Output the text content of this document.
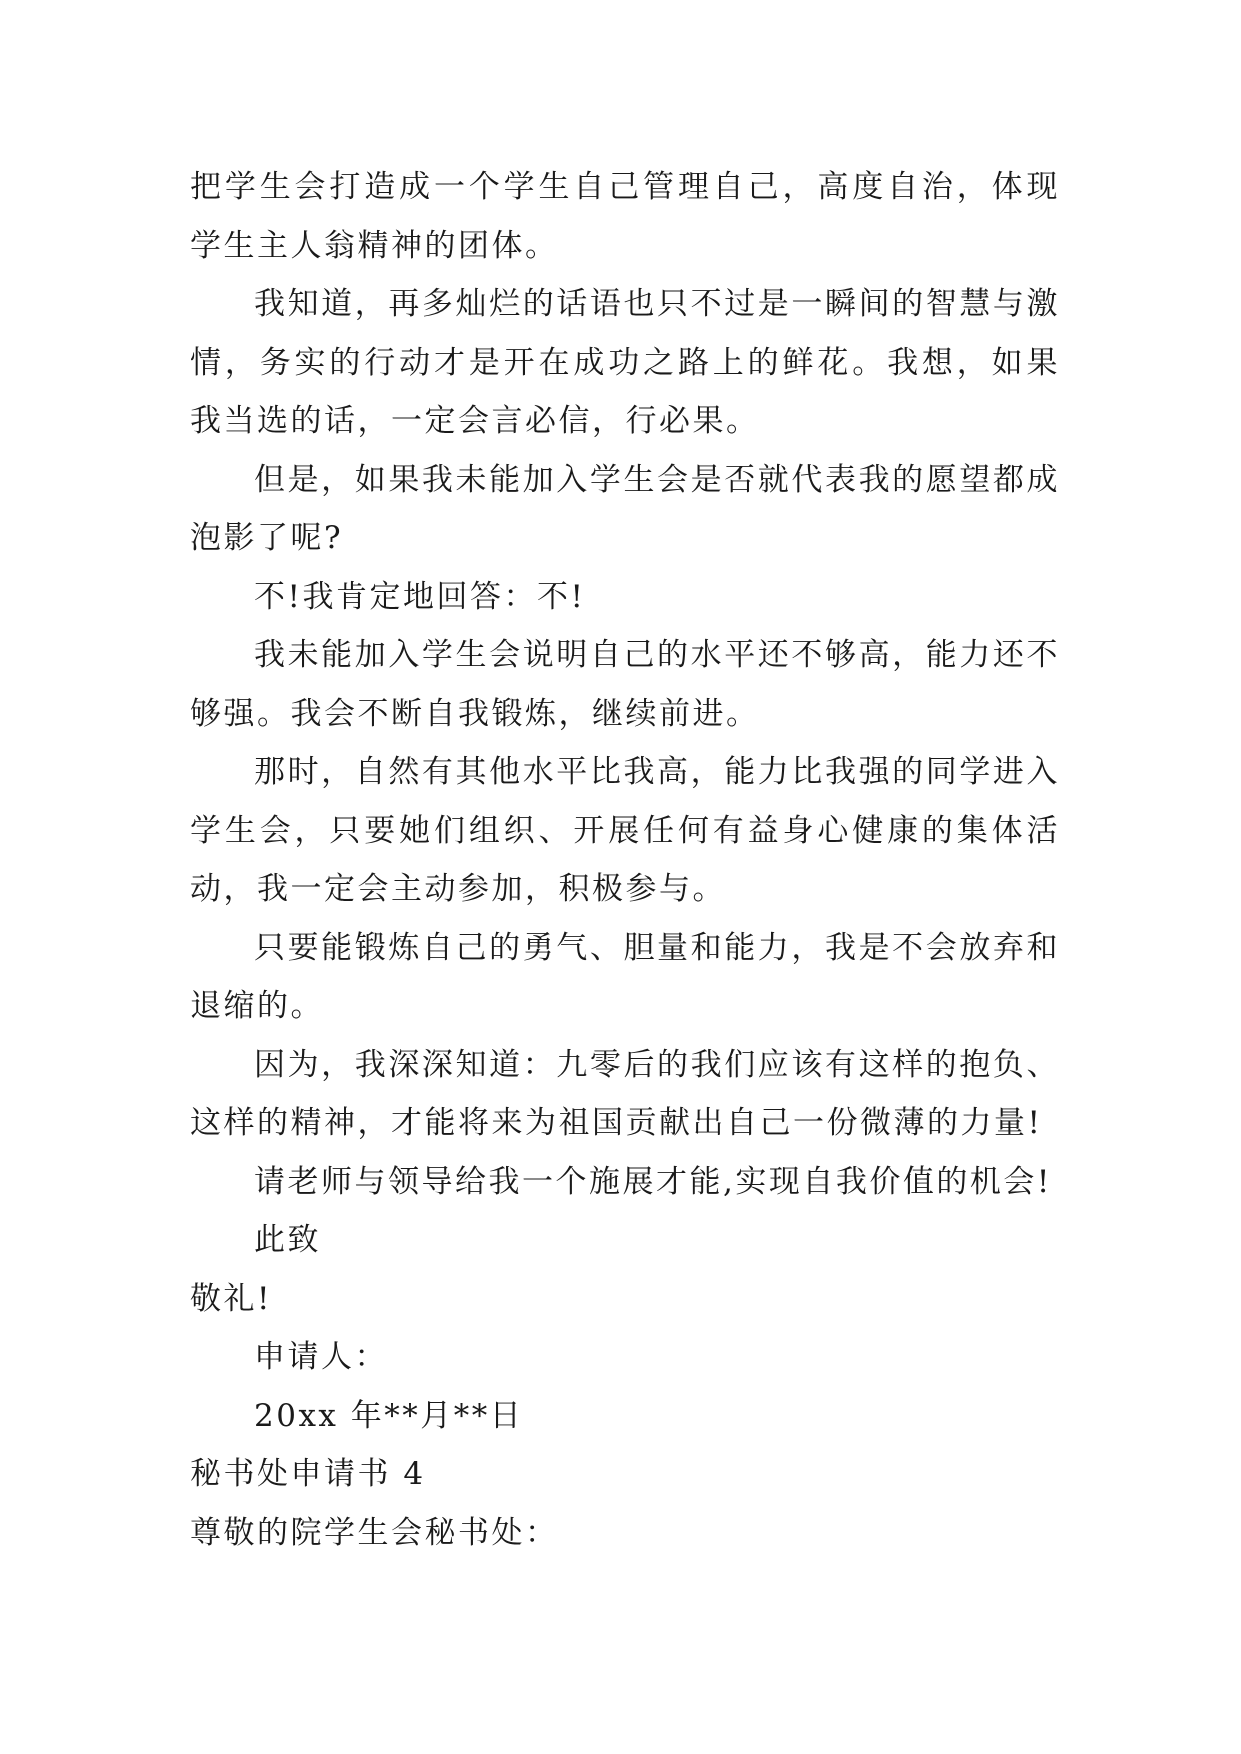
把学生会打造成一个学生自己管理自己，高度自治，体现学生主人翁精神的团体。

我知道，再多灿烂的话语也只不过是一瞬间的智慧与激情，务实的行动才是开在成功之路上的鲜花。我想，如果我当选的话，一定会言必信，行必果。

但是，如果我未能加入学生会是否就代表我的愿望都成泡影了呢?

不!我肯定地回答：不!

我未能加入学生会说明自己的水平还不够高，能力还不够强。我会不断自我锻炼，继续前进。

那时，自然有其他水平比我高，能力比我强的同学进入学生会，只要她们组织、开展任何有益身心健康的集体活动，我一定会主动参加，积极参与。

只要能锻炼自己的勇气、胆量和能力，我是不会放弃和退缩的。

因为，我深深知道：九零后的我们应该有这样的抱负、这样的精神，才能将来为祖国贡献出自己一份微薄的力量!

请老师与领导给我一个施展才能,实现自我价值的机会!

此致

敬礼!

申请人：

20xx 年**月**日

秘书处申请书 4

尊敬的院学生会秘书处：
